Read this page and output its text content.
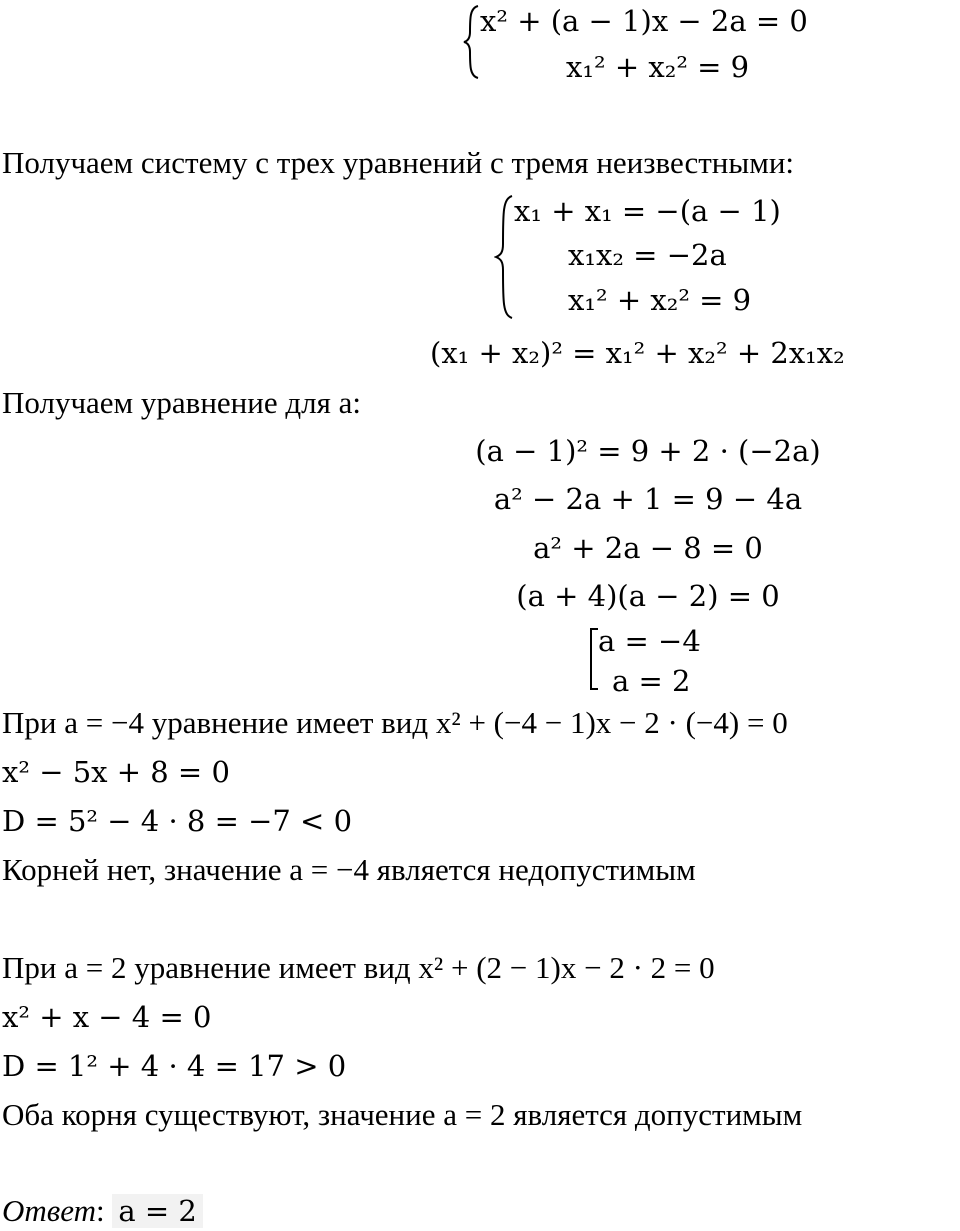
x² + (a − 1)x − 2a = 0
x₁² + x₂² = 9
Получаем систему с трех уравнений с тремя неизвестными:
x₁ + x₁ = −(a − 1)
x₁x₂ = −2a
x₁² + x₂² = 9
(x₁ + x₂)² = x₁² + x₂² + 2x₁x₂
Получаем уравнение для a:
(a − 1)² = 9 + 2 · (−2a)
a² − 2a + 1 = 9 − 4a
a² + 2a − 8 = 0
(a + 4)(a − 2) = 0
a = −4
a = 2
При a = −4 уравнение имеет вид x² + (−4 − 1)x − 2 · (−4) = 0
x² − 5x + 8 = 0
D = 5² − 4 · 8 = −7 < 0
Корней нет, значение a = −4 является недопустимым
При a = 2 уравнение имеет вид x² + (2 − 1)x − 2 · 2 = 0
x² + x − 4 = 0
D = 1² + 4 · 4 = 17 > 0
Оба корня существуют, значение a = 2 является допустимым
Ответ: a = 2
